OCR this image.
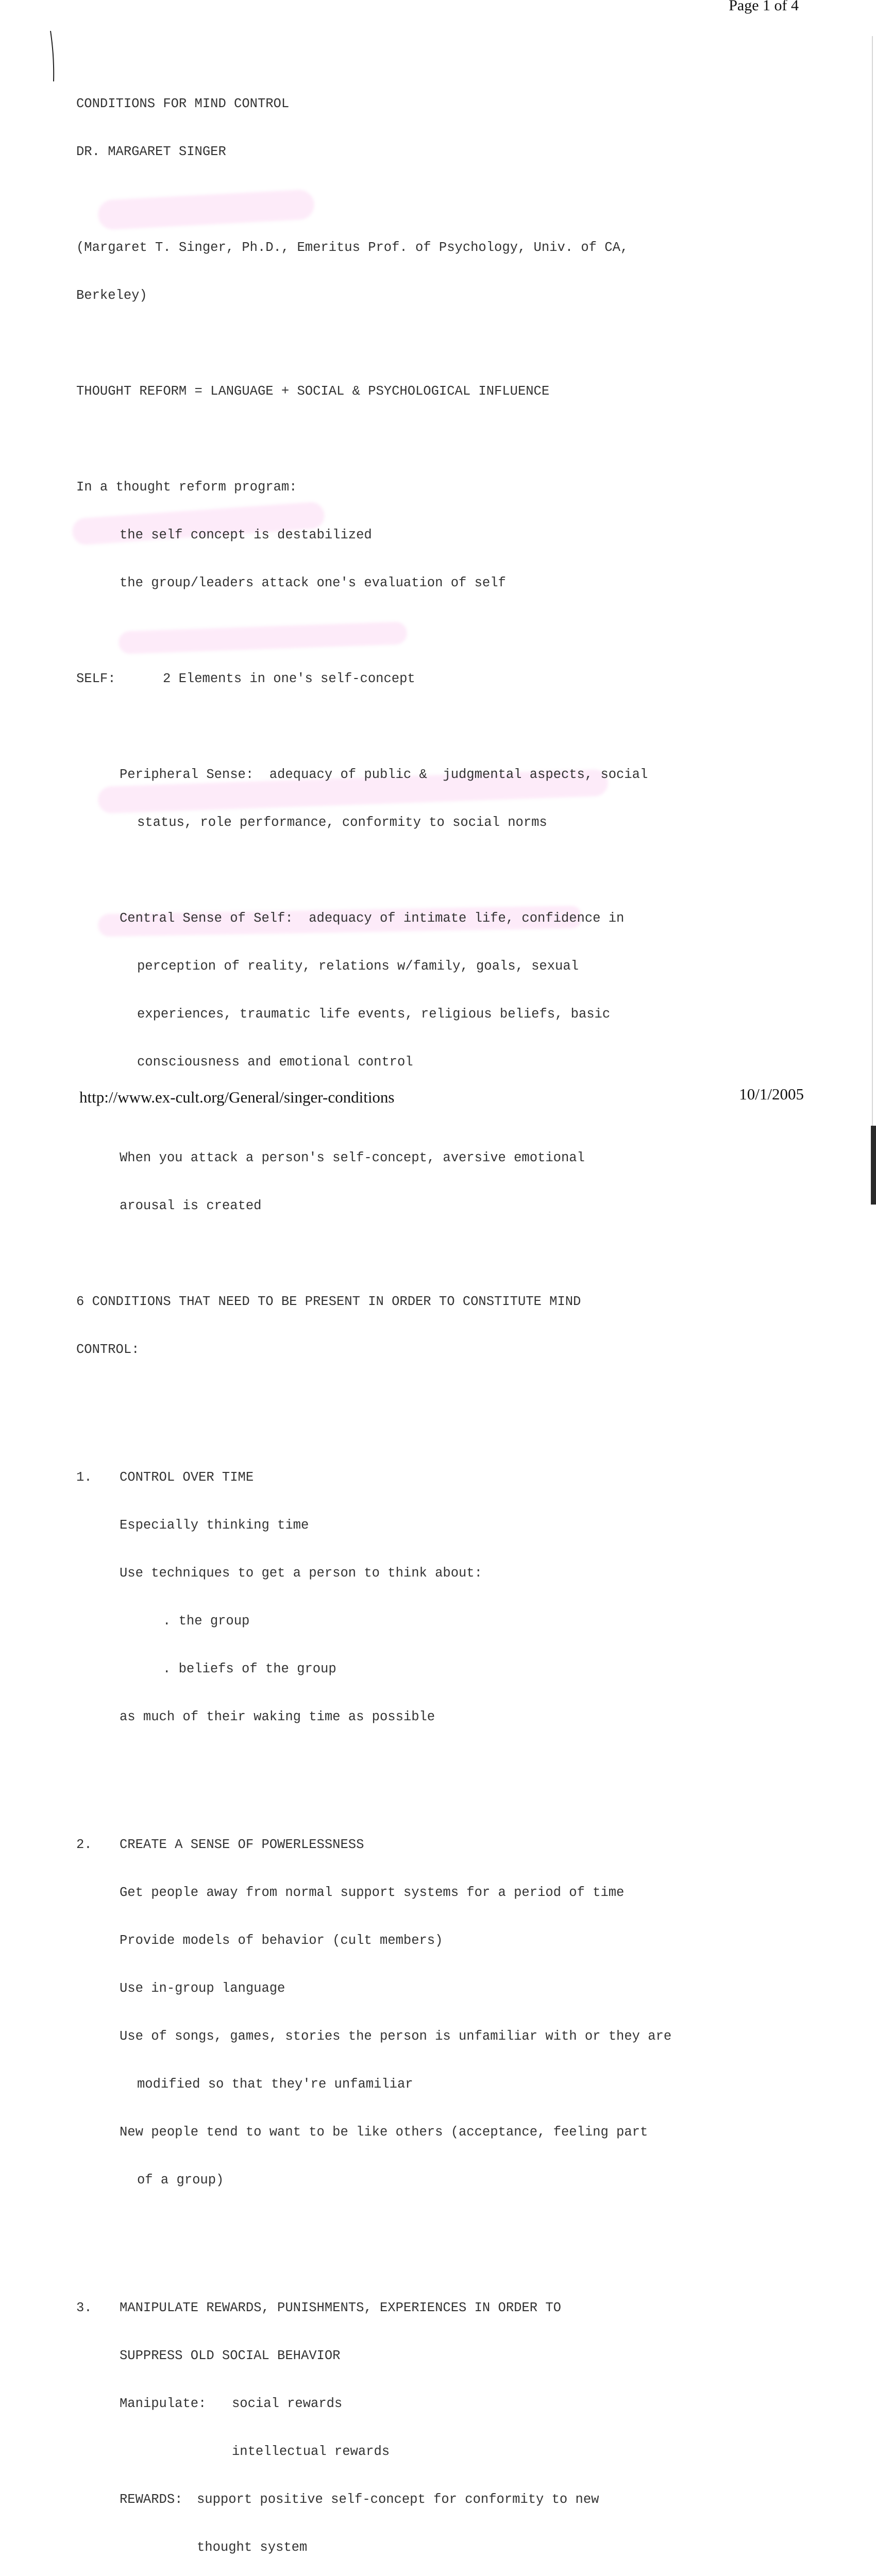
Page 1 of 4

CONDITIONS FOR MIND CONTROL

DR. MARGARET SINGER

(Margaret T. Singer, Ph.D., Emeritus Prof. of Psychology, Univ. of CA,

Berkeley)

THOUGHT REFORM = LANGUAGE + SOCIAL & PSYCHOLOGICAL INFLUENCE

In a thought reform program:

the self concept is destabilized

the group/leaders attack one's evaluation of self

SELF:	2 Elements in one's self-concept

Peripheral Sense:  adequacy of public &  judgmental aspects, social

status, role performance, conformity to social norms

Central Sense of Self:  adequacy of intimate life, confidence in

perception of reality, relations w/family, goals, sexual

experiences, traumatic life events, religious beliefs, basic

consciousness and emotional control

When you attack a person's self-concept, aversive emotional

arousal is created

6 CONDITIONS THAT NEED TO BE PRESENT IN ORDER TO CONSTITUTE MIND

CONTROL:

1. CONTROL OVER TIME

Especially thinking time

Use techniques to get a person to think about:

. the group

. beliefs of the group

as much of their waking time as possible

2. CREATE A SENSE OF POWERLESSNESS

Get people away from normal support systems for a period of time

Provide models of behavior (cult members)

Use in-group language

Use of songs, games, stories the person is unfamiliar with or they are

modified so that they're unfamiliar

New people tend to want to be like others (acceptance, feeling part

of a group)

3. MANIPULATE REWARDS, PUNISHMENTS, EXPERIENCES IN ORDER TO

SUPPRESS OLD SOCIAL BEHAVIOR

Manipulate: social rewards

intellectual rewards

REWARDS: support positive self-concept for conformity to new

thought system

http://www.ex-cult.org/General/singer-conditions	10/1/2005
